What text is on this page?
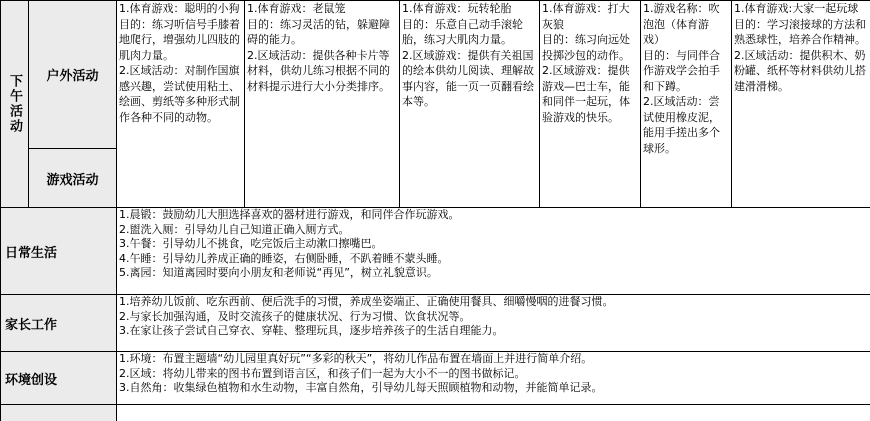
下午活动	户外活动	1.体育游戏：聪明的小狗
目的：练习听信号手膝着地爬行，增强幼儿四肢的肌肉力量。
2.区域活动：对制作国旗感兴趣，尝试使用粘土、绘画、剪纸等多种形式制作各种不同的动物。	1.体育游戏：老鼠笼
目的：练习灵活的钻，躲避障碍的能力。
2.区域活动：提供各种卡片等材料，供幼儿练习根据不同的材料提示进行大小分类排序。	1.体育游戏：玩转轮胎
目的：乐意自己动手滚轮胎，练习大肌肉力量。
2.区域游戏：提供有关祖国的绘本供幼儿阅读、理解故事内容，能一页一页翻看绘本等。	1.体育游戏：打大灰狼
目的：练习向远处投掷沙包的动作。
2.区域游戏：提供游戏—巴士车，能和同伴一起玩，体验游戏的快乐。	1.游戏名称：吹泡泡（体育游戏）
目的：与同伴合作游戏学会拍手和下蹲。
2.区域活动：尝试使用橡皮泥，能用手搓出多个球形。	1.体育游戏:大家一起玩球
目的：学习滚接球的方法和熟悉球性，培养合作精神。
2.区域活动：提供积木、奶粉罐、纸杯等材料供幼儿搭建滑滑梯。
	游戏活动						
日常生活		1.晨锻：鼓励幼儿大胆选择喜欢的器材进行游戏，和同伴合作玩游戏。
2.盥洗入厕：引导幼儿自己知道正确入厕方式。
3.午餐：引导幼儿不挑食，吃完饭后主动漱口擦嘴巴。
4.午睡：引导幼儿养成正确的睡姿，右侧卧睡，不趴着睡不蒙头睡。
5.离园：知道离园时要向小朋友和老师说“再见”，树立礼貌意识。					

家长工作		1.培养幼儿饭前、吃东西前、便后洗手的习惯，养成坐姿端正、正确使用餐具、细嚼慢咽的进餐习惯。
2.与家长加强沟通，及时交流孩子的健康状况、行为习惯、饮食状况等。
3.在家让孩子尝试自己穿衣、穿鞋、整理玩具，逐步培养孩子的生活自理能力。					

环境创设		1.环境：布置主题墙“幼儿园里真好玩”“多彩的秋天”，将幼儿作品布置在墙面上并进行简单介绍。
2.区域：将幼儿带来的图书布置到语言区，和孩子们一起为大小不一的图书做标记。
3.自然角：收集绿色植物和水生动物，丰富自然角，引导幼儿每天照顾植物和动物，并能简单记录。					
